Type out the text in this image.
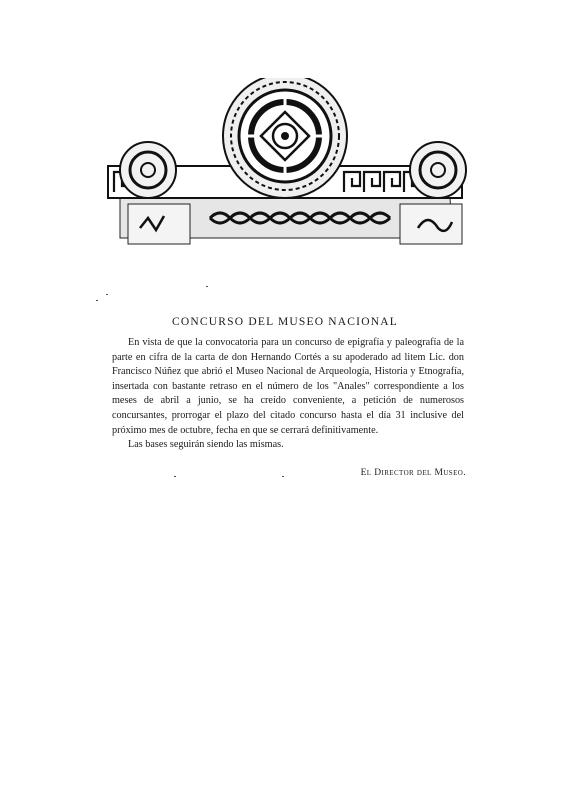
CONCURSO DEL MUSEO NACIONAL

En vista de que la convocatoria para un concurso de epigrafía y paleografía de la parte en cifra de la carta de don Hernando Cortés a su apoderado ad litem Lic. don Francisco Núñez que abrió el Museo Nacional de Arqueología, Historia y Etnografía, insertada con bastante retraso en el número de los "Anales" correspondiente a los meses de abril a junio, se ha creído conveniente, a petición de numerosos concursantes, prorrogar el plazo del citado concurso hasta el día 31 inclusive del próximo mes de octubre, fecha en que se cerrará definitivamente.

Las bases seguirán siendo las mismas.

El Director del Museo.
